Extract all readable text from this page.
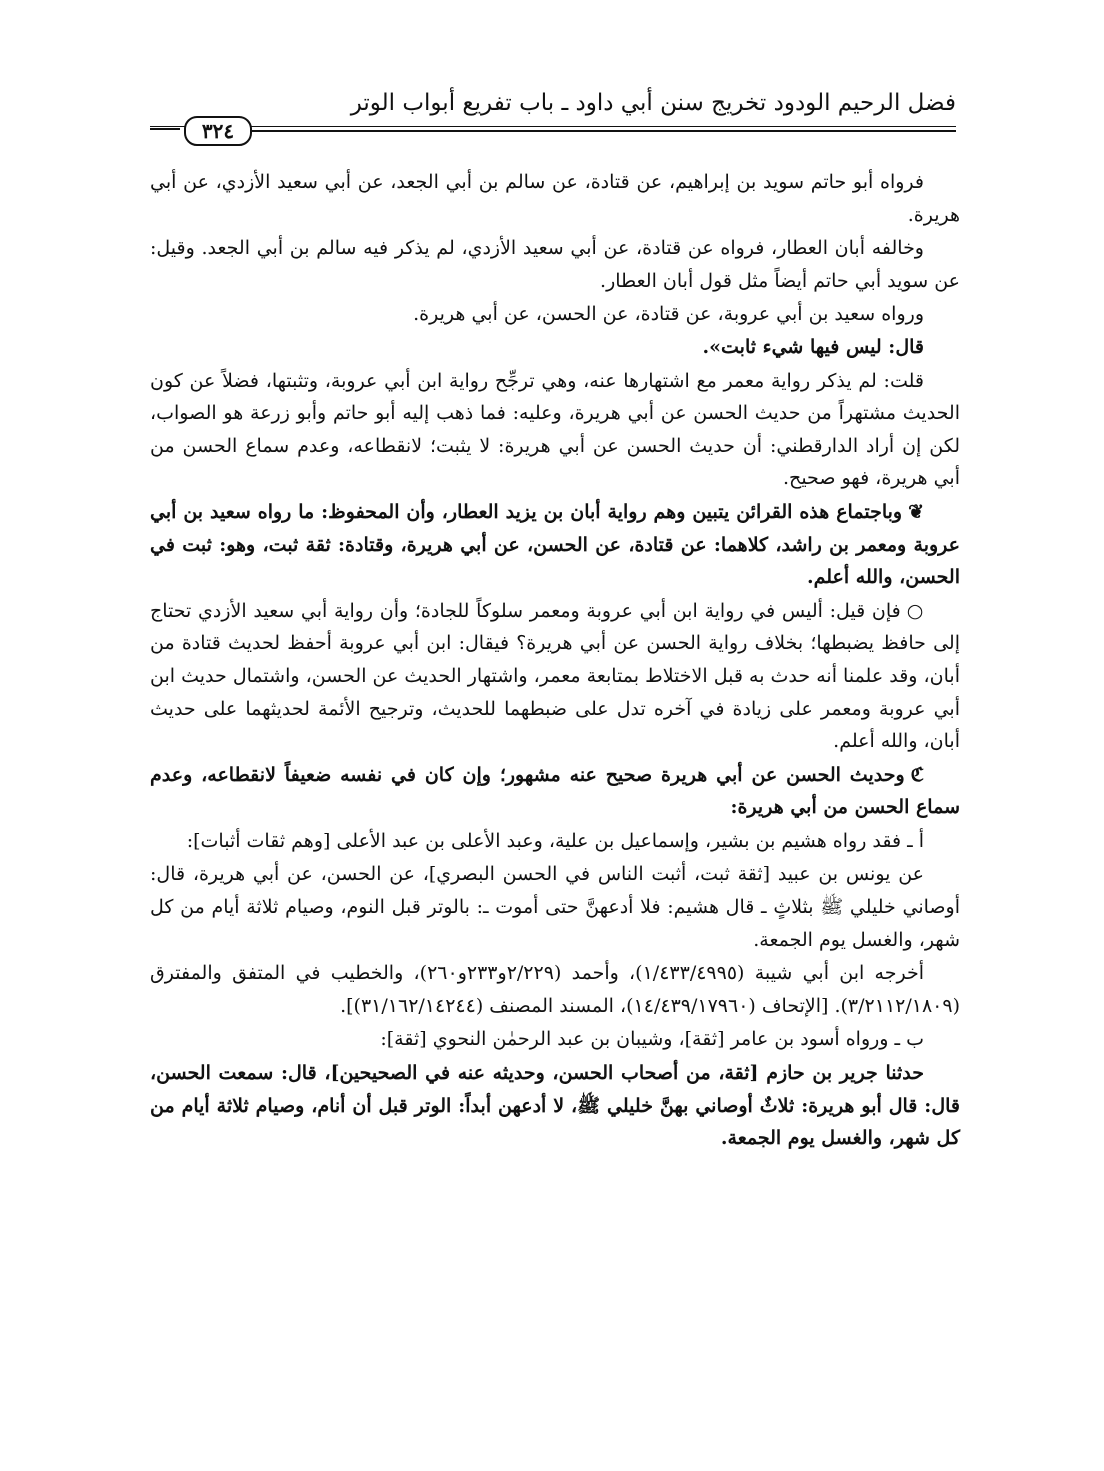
فضل الرحيم الودود تخريج سنن أبي داود ـ باب تفريع أبواب الوتر
٣٢٤

فرواه أبو حاتم سويد بن إبراهيم، عن قتادة، عن سالم بن أبي الجعد، عن أبي سعيد الأزدي، عن أبي هريرة.

وخالفه أبان العطار، فرواه عن قتادة، عن أبي سعيد الأزدي، لم يذكر فيه سالم بن أبي الجعد. وقيل: عن سويد أبي حاتم أيضاً مثل قول أبان العطار.

ورواه سعيد بن أبي عروبة، عن قتادة، عن الحسن، عن أبي هريرة.

قال: ليس فيها شيء ثابت».

قلت: لم يذكر رواية معمر مع اشتهارها عنه، وهي ترجِّح رواية ابن أبي عروبة، وتثبتها، فضلاً عن كون الحديث مشتهراً من حديث الحسن عن أبي هريرة، وعليه: فما ذهب إليه أبو حاتم وأبو زرعة هو الصواب، لكن إن أراد الدارقطني: أن حديث الحسن عن أبي هريرة: لا يثبت؛ لانقطاعه، وعدم سماع الحسن من أبي هريرة، فهو صحيح.

❦وباجتماع هذه القرائن يتبين وهم رواية أبان بن يزيد العطار، وأن المحفوظ: ما رواه سعيد بن أبي عروبة ومعمر بن راشد، كلاهما: عن قتادة، عن الحسن، عن أبي هريرة، وقتادة: ثقة ثبت، وهو: ثبت في الحسن، والله أعلم.

○فإن قيل: أليس في رواية ابن أبي عروبة ومعمر سلوكاً للجادة؛ وأن رواية أبي سعيد الأزدي تحتاج إلى حافظ يضبطها؛ بخلاف رواية الحسن عن أبي هريرة؟ فيقال: ابن أبي عروبة أحفظ لحديث قتادة من أبان، وقد علمنا أنه حدث به قبل الاختلاط بمتابعة معمر، واشتهار الحديث عن الحسن، واشتمال حديث ابن أبي عروبة ومعمر على زيادة في آخره تدل على ضبطهما للحديث، وترجيح الأئمة لحديثهما على حديث أبان، والله أعلم.

ℭوحديث الحسن عن أبي هريرة صحيح عنه مشهور؛ وإن كان في نفسه ضعيفاً لانقطاعه، وعدم سماع الحسن من أبي هريرة:

أ ـ فقد رواه هشيم بن بشير، وإسماعيل بن علية، وعبد الأعلى بن عبد الأعلى [وهم ثقات أثبات]:

عن يونس بن عبيد [ثقة ثبت، أثبت الناس في الحسن البصري]، عن الحسن، عن أبي هريرة، قال: أوصاني خليلي ﷺ بثلاثٍ ـ قال هشيم: فلا أدعهنَّ حتى أموت ـ: بالوتر قبل النوم، وصيام ثلاثة أيام من كل شهر، والغسل يوم الجمعة.

أخرجه ابن أبي شيبة (١/٤٣٣/٤٩٩٥)، وأحمد (٢/٢٢٩و٢٣٣و٢٦٠)، والخطيب في المتفق والمفترق (٣/٢١١٢/١٨٠٩). [الإتحاف (١٤/٤٣٩/١٧٩٦٠)، المسند المصنف (٣١/١٦٢/١٤٢٤٤)].

ب ـ ورواه أسود بن عامر [ثقة]، وشيبان بن عبد الرحمٰن النحوي [ثقة]:

حدثنا جرير بن حازم [ثقة، من أصحاب الحسن، وحديثه عنه في الصحيحين]، قال: سمعت الحسن، قال: قال أبو هريرة: ثلاثٌ أوصاني بهنَّ خليلي ﷺ، لا أدعهن أبداً: الوتر قبل أن أنام، وصيام ثلاثة أيام من كل شهر، والغسل يوم الجمعة.
